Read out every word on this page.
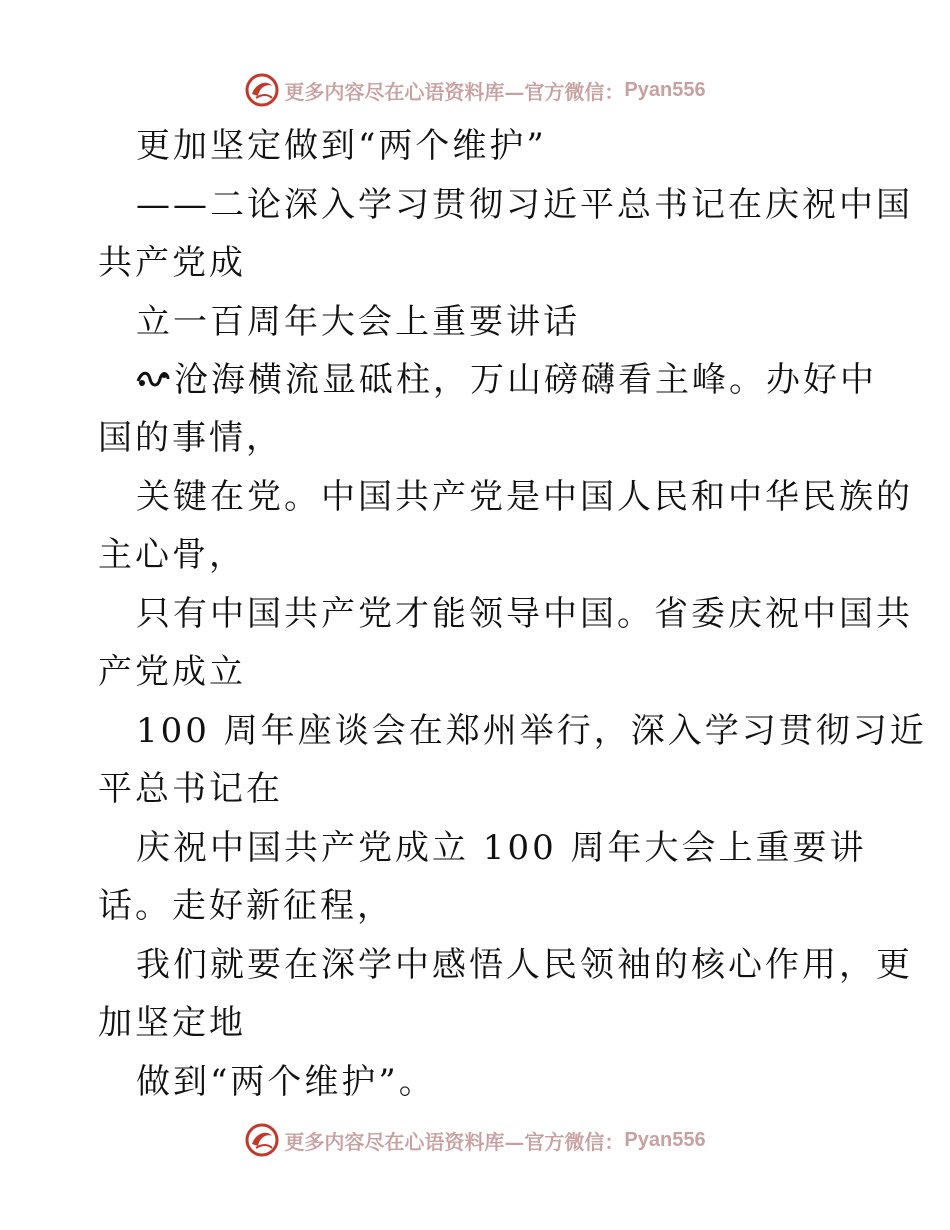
更多内容尽在心语资料库—官方微信： Pyan556
更加坚定做到“两个维护”
——二论深入学习贯彻习近平总书记在庆祝中国
共产党成
立一百周年大会上重要讲话
沧海横流显砥柱，万山磅礴看主峰。办好中
国的事情，
关键在党。中国共产党是中国人民和中华民族的
主心骨，
只有中国共产党才能领导中国。省委庆祝中国共
产党成立
100 周年座谈会在郑州举行，深入学习贯彻习近
平总书记在
庆祝中国共产党成立 100 周年大会上重要讲
话。走好新征程，
我们就要在深学中感悟人民领袖的核心作用，更
加坚定地
做到“两个维护”。
更多内容尽在心语资料库—官方微信： Pyan556
